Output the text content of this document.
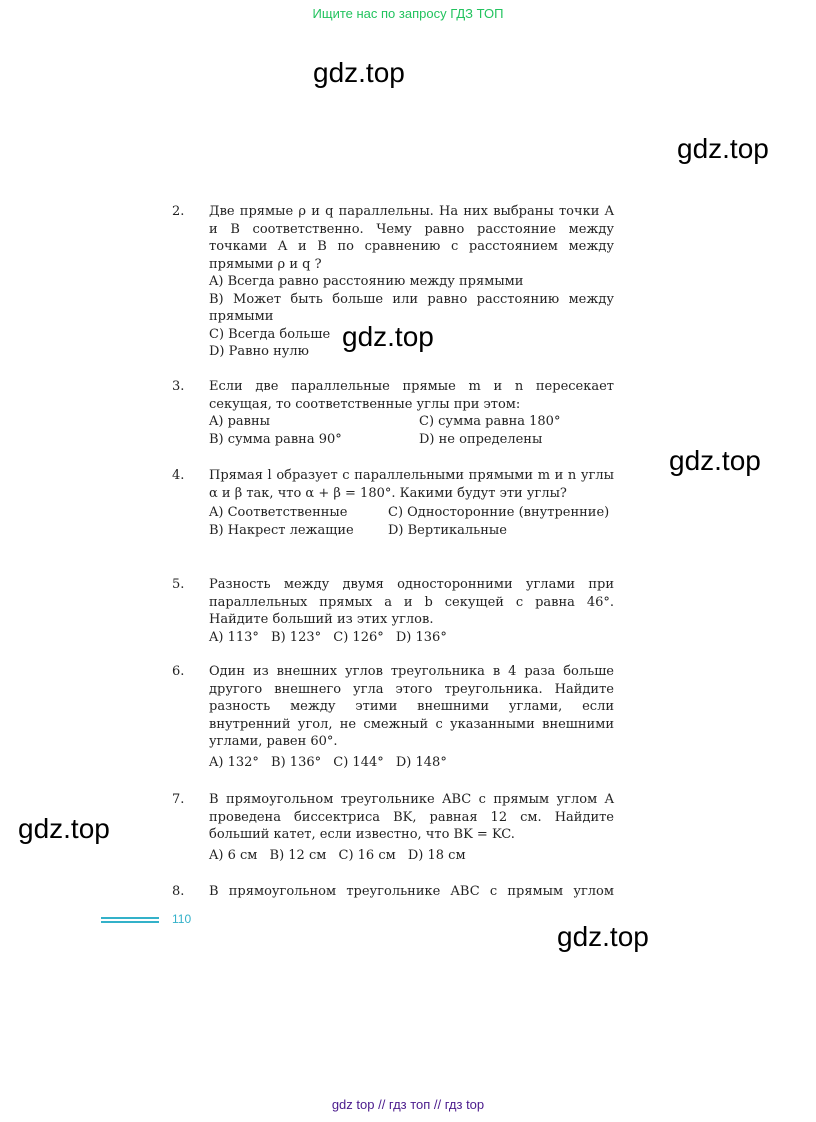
Ищите нас по запросу ГДЗ ТОП
gdz.top
gdz.top
2. Две прямые ρ и q параллельны. На них выбраны точки A и B соответственно. Чему равно расстояние между точками A и B по сравнению с расстоянием между прямыми ρ и q ?

A) Всегда равно расстоянию между прямыми

B) Может быть больше или равно расстоянию между прямыми

C) Всегда больше
D) Равно нулю	gdz.top
3. Если две параллельные прямые m и n пересекает секущая, то соответственные углы при этом:

A) равны	C) сумма равна 180°
B) сумма равна 90°	D) не определены
gdz.top
4. Прямая l образует с параллельными прямыми m и n углы α и β так, что α + β = 180°. Какими будут эти углы?

A) Соответственные	C) Односторонние (внутренние)
B) Накрест лежащие	D) Вертикальные
5. Разность между двумя односторонними углами при параллельных прямых a и b секущей c равна 46°. Найдите больший из этих углов.

A) 113° B) 123° C) 126° D) 136°
6. Один из внешних углов треугольника в 4 раза больше другого внешнего угла этого треугольника. Найдите разность между этими внешними углами, если внутренний угол, не смежный с указанными внешними углами, равен 60°.

A) 132° B) 136° C) 144° D) 148°
7. В прямоугольном треугольнике ABC с прямым углом A проведена биссектриса BK, равная 12 см. Найдите больший катет, если известно, что BK = KC.

A) 6 см B) 12 см C) 16 см D) 18 см
gdz.top
8. В прямоугольном треугольнике ABC с прямым углом

110
gdz.top
gdz top // гдз топ // гдз top
